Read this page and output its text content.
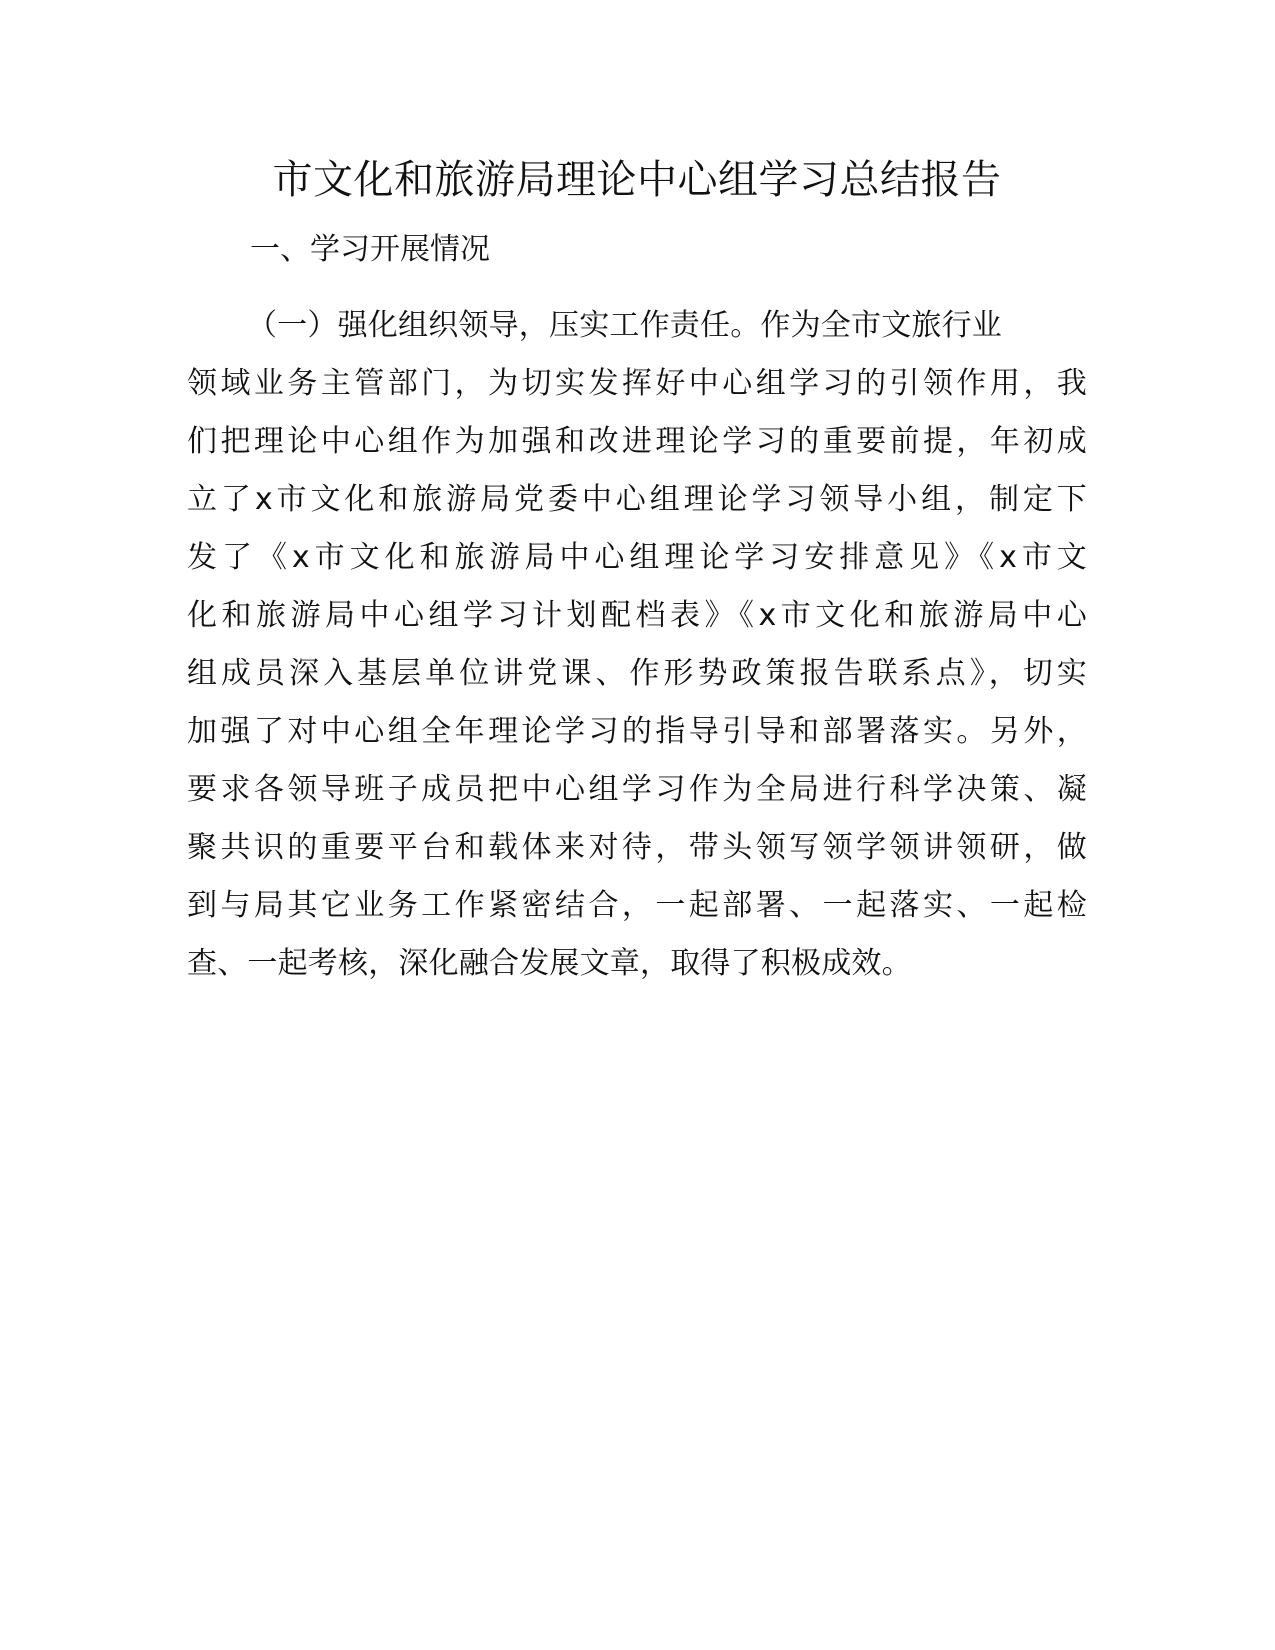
市文化和旅游局理论中心组学习总结报告
一、学习开展情况
（一）强化组织领导，压实工作责任。作为全市文旅行业
领域业务主管部门，为切实发挥好中心组学习的引领作用，我
们把理论中心组作为加强和改进理论学习的重要前提，年初成
立了x市文化和旅游局党委中心组理论学习领导小组，制定下
发了《x市文化和旅游局中心组理论学习安排意见》《x市文
化和旅游局中心组学习计划配档表》《x市文化和旅游局中心
组成员深入基层单位讲党课、作形势政策报告联系点》，切实
加强了对中心组全年理论学习的指导引导和部署落实。另外，
要求各领导班子成员把中心组学习作为全局进行科学决策、凝
聚共识的重要平台和载体来对待，带头领写领学领讲领研，做
到与局其它业务工作紧密结合，一起部署、一起落实、一起检
查、一起考核，深化融合发展文章，取得了积极成效。
